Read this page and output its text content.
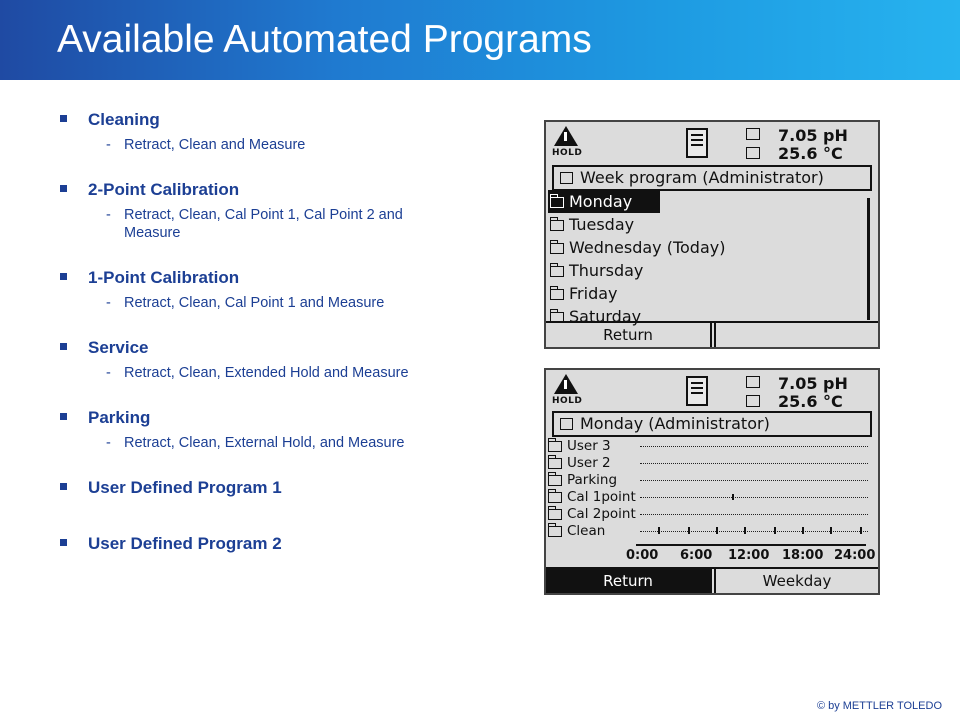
Available Automated Programs
Cleaning
- Retract, Clean and Measure
2-Point Calibration
- Retract, Clean, Cal Point 1, Cal Point 2 and
Measure
1-Point Calibration
- Retract, Clean, Cal Point 1 and Measure
Service
- Retract, Clean, Extended Hold and Measure
Parking
- Retract, Clean, External Hold, and Measure
User Defined Program 1
User Defined Program 2
HOLD
7.05 pH
25.6 °C
Week program (Administrator)
Monday
Tuesday
Wednesday (Today)
Thursday
Friday
Saturday
Return
HOLD
7.05 pH
25.6 °C
Monday (Administrator)
User 3
User 2
Parking
Cal 1point
Cal 2point
Clean
0:00 6:00 12:00 18:00 24:00
Return	Weekday
© by METTLER TOLEDO
